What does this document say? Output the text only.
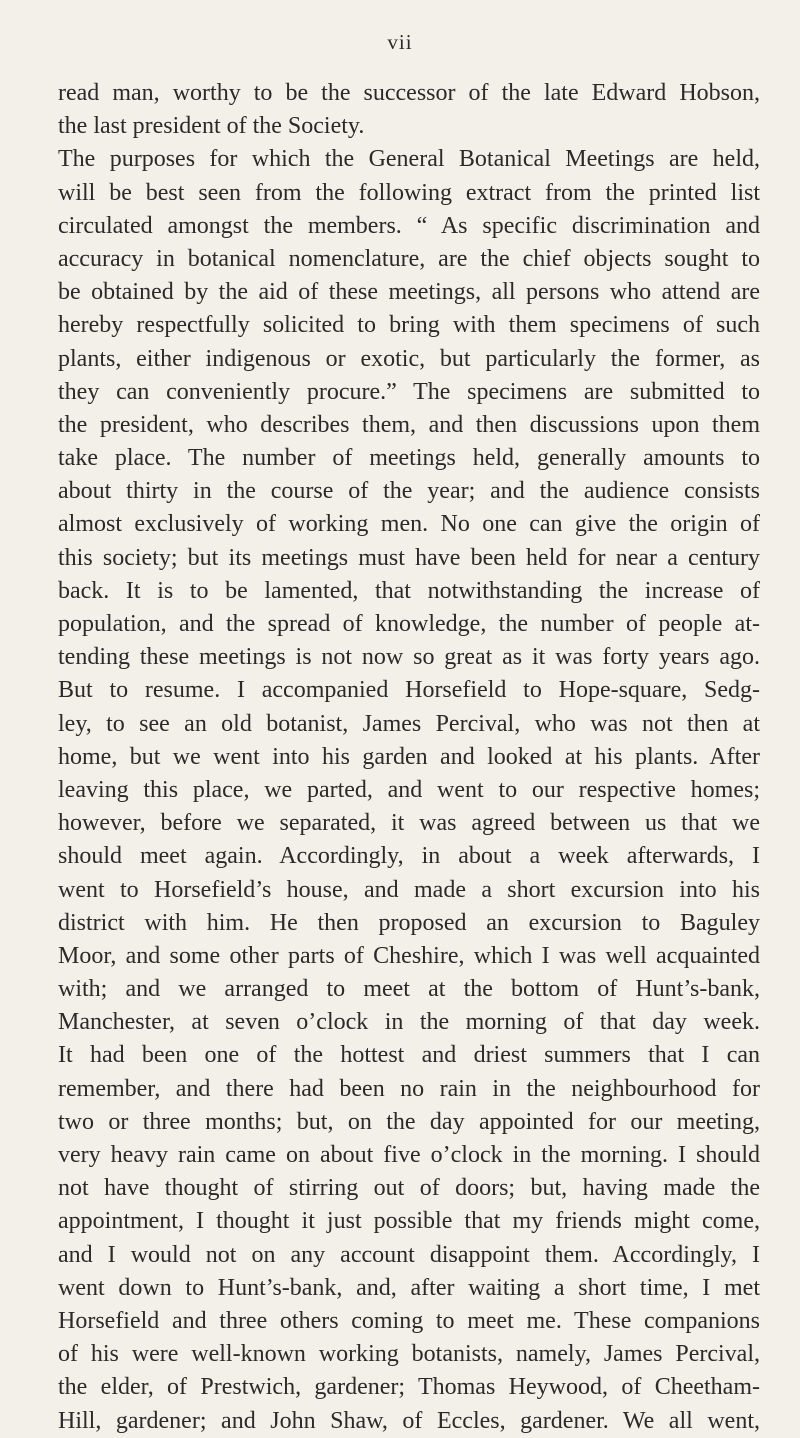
vii
read man, worthy to be the successor of the late Edward Hobson,
the last president of the Society.
The purposes for which the General Botanical Meetings are held,
will be best seen from the following extract from the printed list
circulated amongst the members. “ As specific discrimination and
accuracy in botanical nomenclature, are the chief objects sought to
be obtained by the aid of these meetings, all persons who attend are
hereby respectfully solicited to bring with them specimens of such
plants, either indigenous or exotic, but particularly the former, as
they can conveniently procure.” The specimens are submitted to
the president, who describes them, and then discussions upon them
take place. The number of meetings held, generally amounts to
about thirty in the course of the year; and the audience consists
almost exclusively of working men. No one can give the origin of
this society; but its meetings must have been held for near a century
back. It is to be lamented, that notwithstanding the increase of
population, and the spread of knowledge, the number of people at-
tending these meetings is not now so great as it was forty years ago.
But to resume. I accompanied Horsefield to Hope-square, Sedg-
ley, to see an old botanist, James Percival, who was not then at
home, but we went into his garden and looked at his plants. After
leaving this place, we parted, and went to our respective homes;
however, before we separated, it was agreed between us that we
should meet again. Accordingly, in about a week afterwards, I
went to Horsefield’s house, and made a short excursion into his
district with him. He then proposed an excursion to Baguley
Moor, and some other parts of Cheshire, which I was well acquainted
with; and we arranged to meet at the bottom of Hunt’s-bank,
Manchester, at seven o’clock in the morning of that day week.
It had been one of the hottest and driest summers that I can
remember, and there had been no rain in the neighbourhood for
two or three months; but, on the day appointed for our meeting,
very heavy rain came on about five o’clock in the morning. I should
not have thought of stirring out of doors; but, having made the
appointment, I thought it just possible that my friends might come,
and I would not on any account disappoint them. Accordingly, I
went down to Hunt’s-bank, and, after waiting a short time, I met
Horsefield and three others coming to meet me. These companions
of his were well-known working botanists, namely, James Percival,
the elder, of Prestwich, gardener; Thomas Heywood, of Cheetham-
Hill, gardener; and John Shaw, of Eccles, gardener. We all went,
